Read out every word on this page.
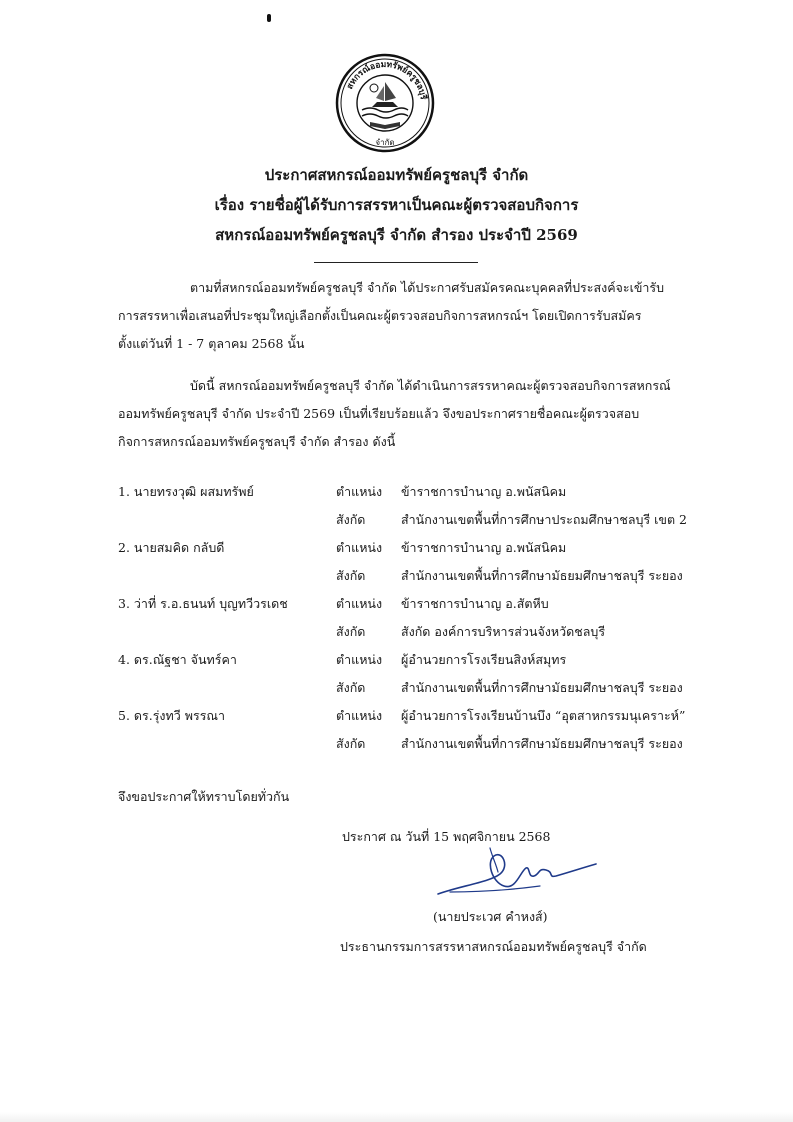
สหกรณ์ออมทรัพย์ครูชลบุรี
จำกัด
ประกาศสหกรณ์ออมทรัพย์ครูชลบุรี จำกัด
เรื่อง รายชื่อผู้ได้รับการสรรหาเป็นคณะผู้ตรวจสอบกิจการ
สหกรณ์ออมทรัพย์ครูชลบุรี จำกัด สำรอง ประจำปี 2569
ตามที่สหกรณ์ออมทรัพย์ครูชลบุรี จำกัด ได้ประกาศรับสมัครคณะบุคคลที่ประสงค์จะเข้ารับ
การสรรหาเพื่อเสนอที่ประชุมใหญ่เลือกตั้งเป็นคณะผู้ตรวจสอบกิจการสหกรณ์ฯ โดยเปิดการรับสมัคร
ตั้งแต่วันที่ 1 - 7 ตุลาคม 2568 นั้น
บัดนี้ สหกรณ์ออมทรัพย์ครูชลบุรี จำกัด ได้ดำเนินการสรรหาคณะผู้ตรวจสอบกิจการสหกรณ์
ออมทรัพย์ครูชลบุรี จำกัด ประจำปี 2569 เป็นที่เรียบร้อยแล้ว จึงขอประกาศรายชื่อคณะผู้ตรวจสอบ
กิจการสหกรณ์ออมทรัพย์ครูชลบุรี จำกัด สำรอง ดังนี้
1. นายทรงวุฒิ ผสมทรัพย์	ตำแหน่ง ข้าราชการบำนาญ อ.พนัสนิคม
สังกัด	สำนักงานเขตพื้นที่การศึกษาประถมศึกษาชลบุรี เขต 2
2. นายสมคิด กลับดี	ตำแหน่ง ข้าราชการบำนาญ อ.พนัสนิคม
สังกัด	สำนักงานเขตพื้นที่การศึกษามัธยมศึกษาชลบุรี ระยอง
3. ว่าที่ ร.อ.ธนนท์ บุญทวีวรเดช	ตำแหน่ง ข้าราชการบำนาญ อ.สัตหีบ
สังกัด	สังกัด องค์การบริหารส่วนจังหวัดชลบุรี
4. ดร.ณัฐชา จันทร์คา	ตำแหน่ง ผู้อำนวยการโรงเรียนสิงห์สมุทร
สังกัด	สำนักงานเขตพื้นที่การศึกษามัธยมศึกษาชลบุรี ระยอง
5. ดร.รุ่งทวี พรรณา	ตำแหน่ง ผู้อำนวยการโรงเรียนบ้านบึง “อุตสาหกรรมนุเคราะห์”
สังกัด	สำนักงานเขตพื้นที่การศึกษามัธยมศึกษาชลบุรี ระยอง
จึงขอประกาศให้ทราบโดยทั่วกัน
ประกาศ ณ วันที่ 15 พฤศจิกายน 2568
(นายประเวศ คำหงส์)
ประธานกรรมการสรรหาสหกรณ์ออมทรัพย์ครูชลบุรี จำกัด
